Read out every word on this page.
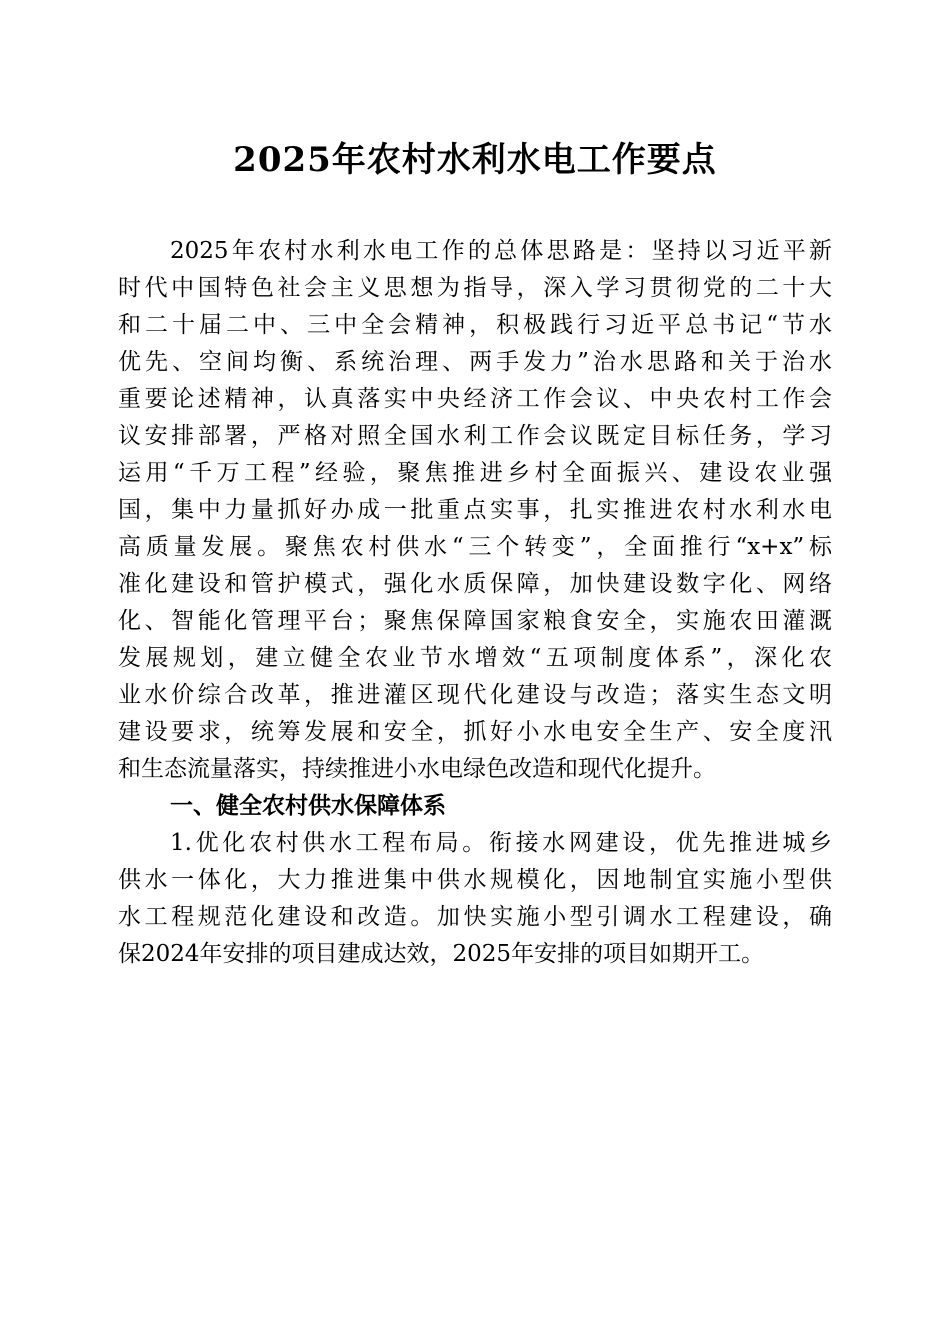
2025年农村水利水电工作要点
2025年农村水利水电工作的总体思路是：坚持以习近平新
时代中国特色社会主义思想为指导，深入学习贯彻党的二十大
和二十届二中、三中全会精神，积极践行习近平总书记“节水
优先、空间均衡、系统治理、两手发力”治水思路和关于治水
重要论述精神，认真落实中央经济工作会议、中央农村工作会
议安排部署，严格对照全国水利工作会议既定目标任务，学习
运用“千万工程”经验，聚焦推进乡村全面振兴、建设农业强
国，集中力量抓好办成一批重点实事，扎实推进农村水利水电
高质量发展。聚焦农村供水“三个转变”，全面推行“x+x”标
准化建设和管护模式，强化水质保障，加快建设数字化、网络
化、智能化管理平台；聚焦保障国家粮食安全，实施农田灌溉
发展规划，建立健全农业节水增效“五项制度体系”，深化农
业水价综合改革，推进灌区现代化建设与改造；落实生态文明
建设要求，统筹发展和安全，抓好小水电安全生产、安全度汛
和生态流量落实，持续推进小水电绿色改造和现代化提升。
一、健全农村供水保障体系
1.优化农村供水工程布局。衔接水网建设，优先推进城乡
供水一体化，大力推进集中供水规模化，因地制宜实施小型供
水工程规范化建设和改造。加快实施小型引调水工程建设，确
保2024年安排的项目建成达效，2025年安排的项目如期开工。
